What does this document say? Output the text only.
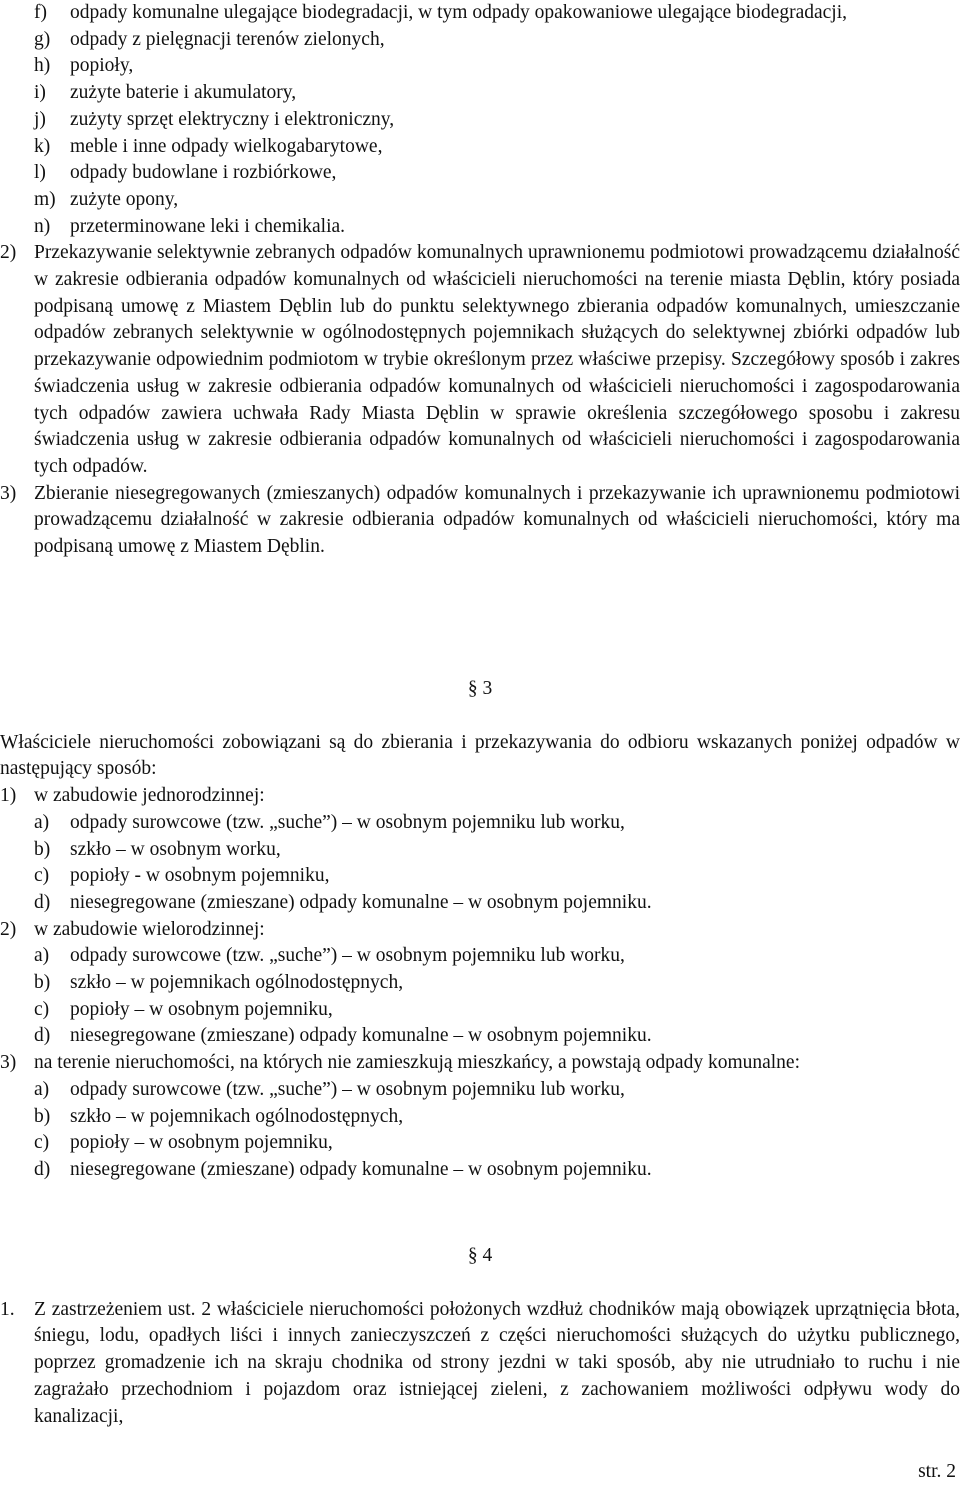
f) odpady komunalne ulegające biodegradacji, w tym odpady opakowaniowe ulegające biodegradacji,
g) odpady z pielęgnacji terenów zielonych,
h) popioły,
i) zużyte baterie i akumulatory,
j) zużyty sprzęt elektryczny i elektroniczny,
k) meble i inne odpady wielkogabarytowe,
l) odpady budowlane i rozbiórkowe,
m) zużyte opony,
n) przeterminowane leki i chemikalia.
2) Przekazywanie selektywnie zebranych odpadów komunalnych uprawnionemu podmiotowi prowadzącemu działalność w zakresie odbierania odpadów komunalnych od właścicieli nieruchomości na terenie miasta Dęblin, który posiada podpisaną umowę z Miastem Dęblin lub do punktu selektywnego zbierania odpadów komunalnych, umieszczanie odpadów zebranych selektywnie w ogólnodostępnych pojemnikach służących do selektywnej zbiórki odpadów lub przekazywanie odpowiednim podmiotom w trybie określonym przez właściwe przepisy. Szczegółowy sposób i zakres świadczenia usług w zakresie odbierania odpadów komunalnych od właścicieli nieruchomości i zagospodarowania tych odpadów zawiera uchwała Rady Miasta Dęblin w sprawie określenia szczegółowego sposobu i zakresu świadczenia usług w zakresie odbierania odpadów komunalnych od właścicieli nieruchomości i zagospodarowania tych odpadów.
3) Zbieranie niesegregowanych (zmieszanych) odpadów komunalnych i przekazywanie ich uprawnionemu podmiotowi prowadzącemu działalność w zakresie odbierania odpadów komunalnych od właścicieli nieruchomości, który ma podpisaną umowę z Miastem Dęblin.
§ 3
Właściciele nieruchomości zobowiązani są do zbierania i przekazywania do odbioru wskazanych poniżej odpadów w następujący sposób:
1) w zabudowie jednorodzinnej:
a) odpady surowcowe (tzw. „suche”) – w osobnym pojemniku lub worku,
b) szkło – w osobnym worku,
c) popioły - w osobnym pojemniku,
d) niesegregowane (zmieszane) odpady komunalne – w osobnym pojemniku.
2) w zabudowie wielorodzinnej:
a) odpady surowcowe (tzw. „suche”) – w osobnym pojemniku lub worku,
b) szkło – w pojemnikach ogólnodostępnych,
c) popioły – w osobnym pojemniku,
d) niesegregowane (zmieszane) odpady komunalne – w osobnym pojemniku.
3) na terenie nieruchomości, na których nie zamieszkują mieszkańcy, a powstają odpady komunalne:
a) odpady surowcowe (tzw. „suche”) – w osobnym pojemniku lub worku,
b) szkło – w pojemnikach ogólnodostępnych,
c) popioły – w osobnym pojemniku,
d) niesegregowane (zmieszane) odpady komunalne – w osobnym pojemniku.
§ 4
1. Z zastrzeżeniem ust. 2 właściciele nieruchomości położonych wzdłuż chodników mają obowiązek uprzątnięcia błota, śniegu, lodu, opadłych liści i innych zanieczyszczeń z części nieruchomości służących do użytku publicznego, poprzez gromadzenie ich na skraju chodnika od strony jezdni w taki sposób, aby nie utrudniało to ruchu i nie zagrażało przechodniom i pojazdom oraz istniejącej zieleni, z zachowaniem możliwości odpływu wody do kanalizacji,
str. 2
